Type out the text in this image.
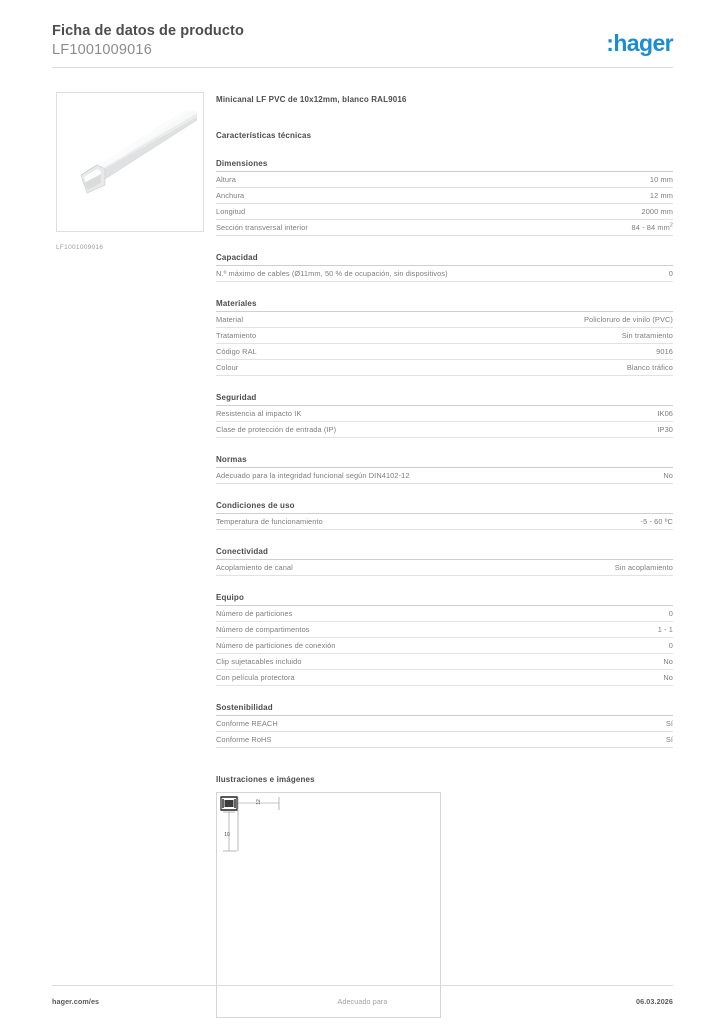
Ficha de datos de producto
LF1001009016	:hager
LF1001009016
Minicanal LF PVC de 10x12mm, blanco RAL9016
Características técnicas
Dimensiones
Altura	10 mm
Anchura	12 mm
Longitud	2000 mm
Sección transversal interior	84 - 84 $mm^2$
Capacidad
N.º máximo de cables (Ø11mm, 50 % de ocupación, sin dispositivos)	0
Materiales
Material	Policloruro de vinilo (PVC)
Tratamiento	Sin tratamiento
Código RAL	9016
Colour	Blanco tráfico
Seguridad
Resistencia al impacto IK	IK06
Clase de protección de entrada (IP)	IP30
Normas
Adecuado para la integridad funcional según DIN4102-12	No
Condiciones de uso
Temperatura de funcionamiento	-5 - 60 ºC
Conectividad
Acoplamiento de canal	Sin acoplamiento
Equipo
Número de particiones	0
Número de compartimentos	1 - 1
Número de particiones de conexión	0
Clip sujetacables incluido	No
Con película protectora	No
Sostenibilidad
Conforme REACH	Sí
Conforme RoHS	Sí
Ilustraciones e imágenes
12
10
hager.com/es	Adecuado para	06.03.2026
